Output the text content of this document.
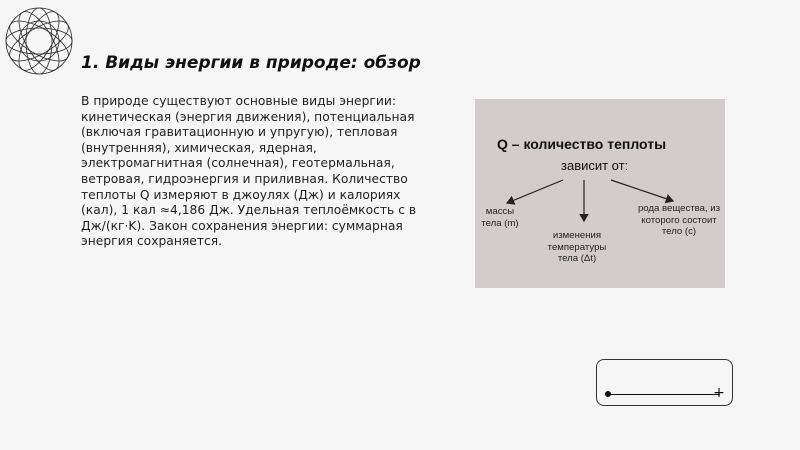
1. Виды энергии в природе: обзор

В природе существуют основные виды энергии: кинетическая (энергия движения), потенциальная (включая гравитационную и упругую), тепловая (внутренняя), химическая, ядерная, электромагнитная (солнечная), геотермальная, ветровая, гидроэнергия и приливная. Количество теплоты Q измеряют в джоулях (Дж) и калориях (кал), 1 кал ≈4,186 Дж. Удельная теплоёмкость c в Дж/(кг·K). Закон сохранения энергии: суммарная энергия сохраняется.

Q – количество теплоты
зависит от:
массы тела (m)
изменения температуры тела (Δt)
рода вещества, из которого состоит тело (c)
+
